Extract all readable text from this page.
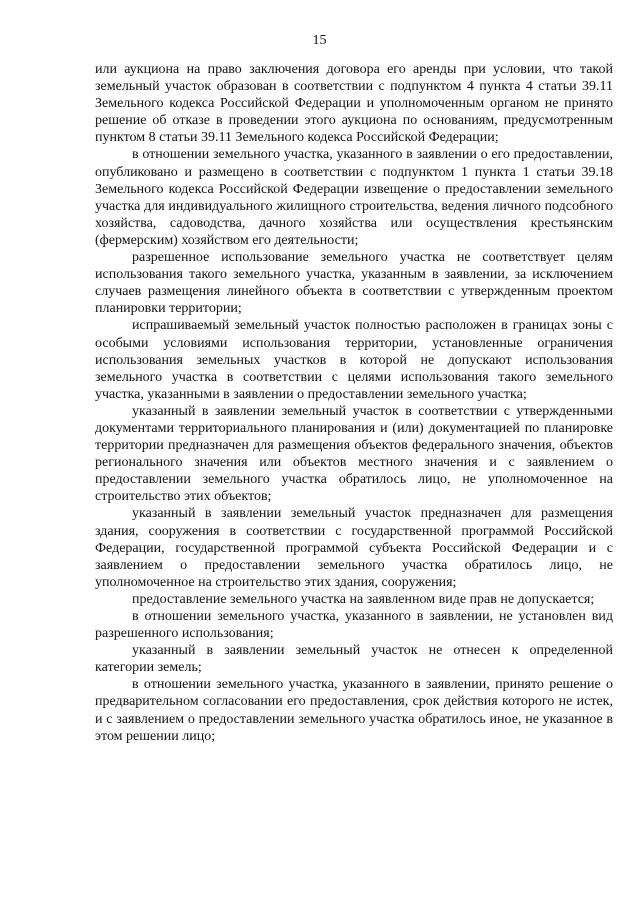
15

или аукциона на право заключения договора его аренды при условии, что такой земельный участок образован в соответствии с подпунктом 4 пункта 4 статьи 39.11 Земельного кодекса Российской Федерации и уполномоченным органом не принято решение об отказе в проведении этого аукциона по основаниям, предусмотренным пунктом 8 статьи 39.11 Земельного кодекса Российской Федерации;

в отношении земельного участка, указанного в заявлении о его предоставлении, опубликовано и размещено в соответствии с подпунктом 1 пункта 1 статьи 39.18 Земельного кодекса Российской Федерации извещение о предоставлении земельного участка для индивидуального жилищного строительства, ведения личного подсобного хозяйства, садоводства, дачного хозяйства или осуществления крестьянским (фермерским) хозяйством его деятельности;

разрешенное использование земельного участка не соответствует целям использования такого земельного участка, указанным в заявлении, за исключением случаев размещения линейного объекта в соответствии с утвержденным проектом планировки территории;

испрашиваемый земельный участок полностью расположен в границах зоны с особыми условиями использования территории, установленные ограничения использования земельных участков в которой не допускают использования земельного участка в соответствии с целями использования такого земельного участка, указанными в заявлении о предоставлении земельного участка;

указанный в заявлении земельный участок в соответствии с утвержденными документами территориального планирования и (или) документацией по планировке территории предназначен для размещения объектов федерального значения, объектов регионального значения или объектов местного значения и с заявлением о предоставлении земельного участка обратилось лицо, не уполномоченное на строительство этих объектов;

указанный в заявлении земельный участок предназначен для размещения здания, сооружения в соответствии с государственной программой Российской Федерации, государственной программой субъекта Российской Федерации и с заявлением о предоставлении земельного участка обратилось лицо, не уполномоченное на строительство этих здания, сооружения;

предоставление земельного участка на заявленном виде прав не допускается;

в отношении земельного участка, указанного в заявлении, не установлен вид разрешенного использования;

указанный в заявлении земельный участок не отнесен к определенной категории земель;

в отношении земельного участка, указанного в заявлении, принято решение о предварительном согласовании его предоставления, срок действия которого не истек, и с заявлением о предоставлении земельного участка обратилось иное, не указанное в этом решении лицо;
